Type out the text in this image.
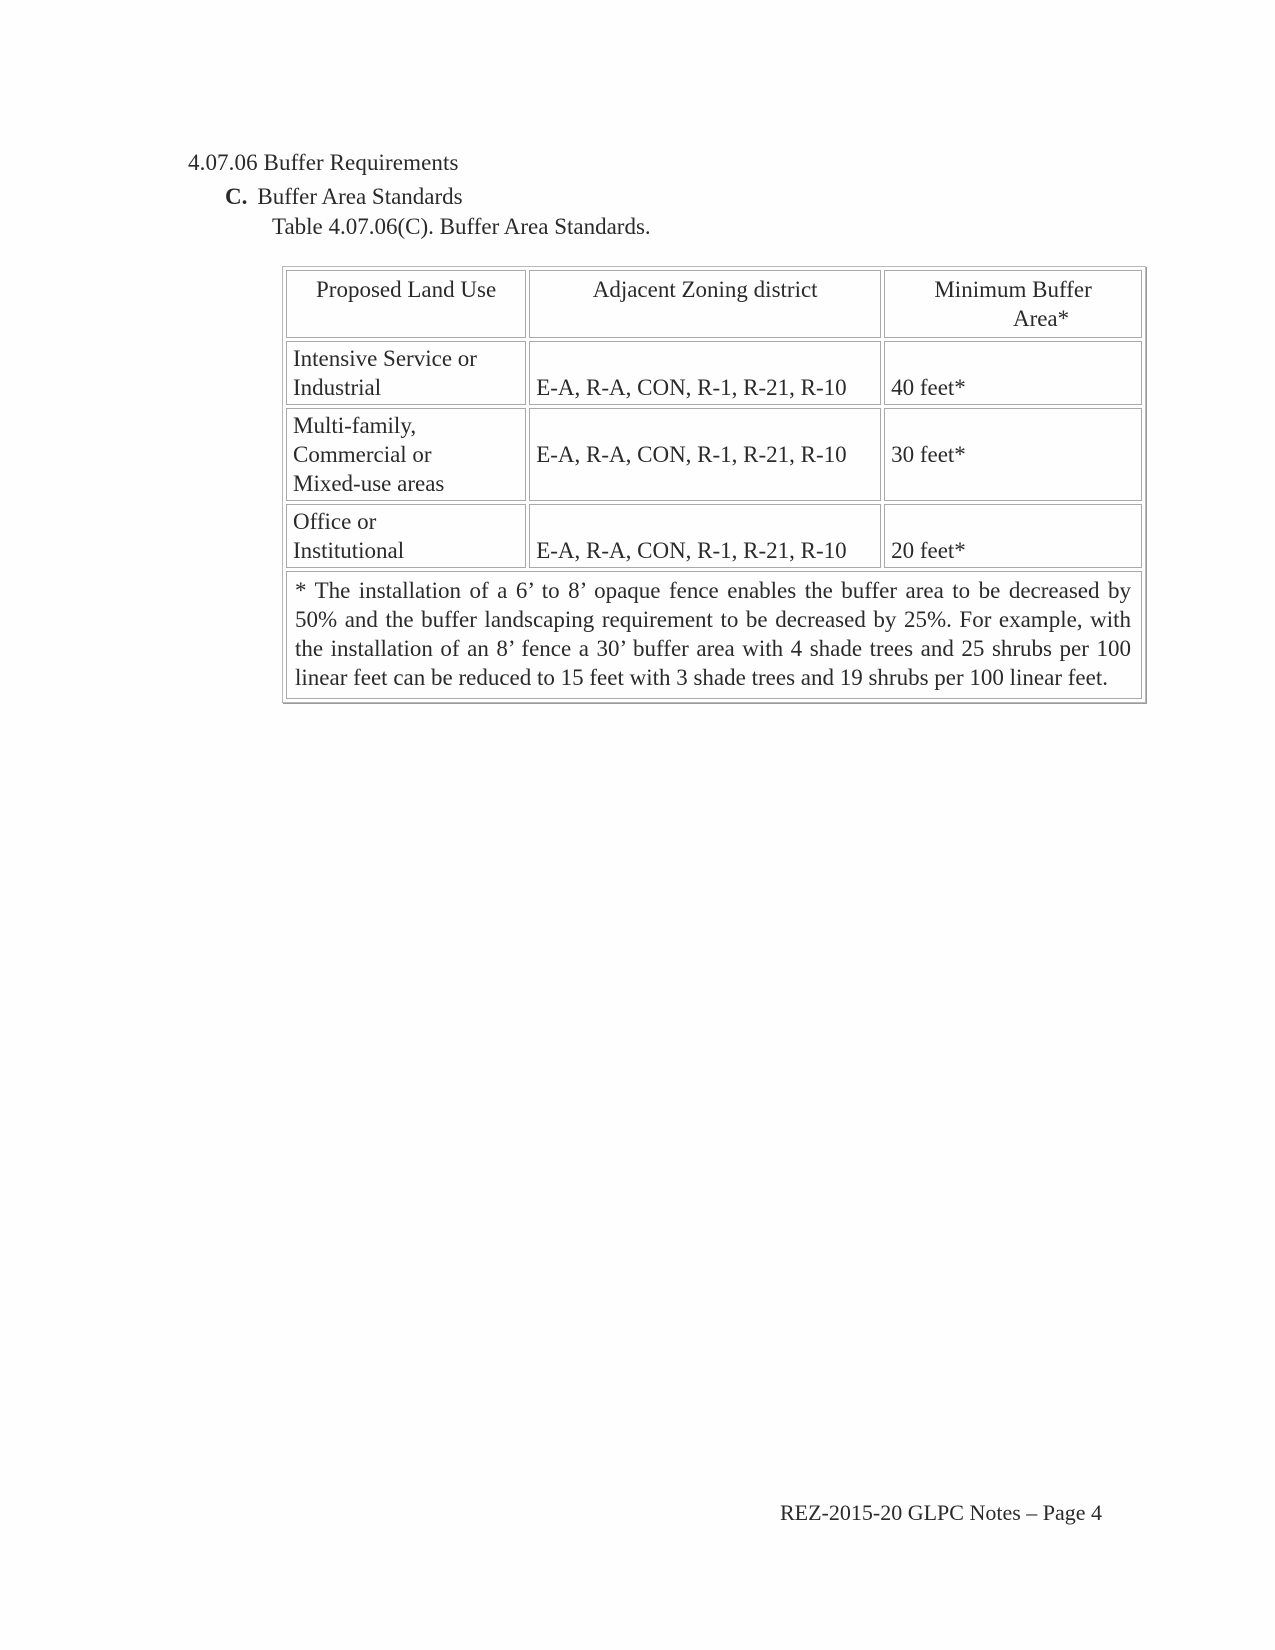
4.07.06 Buffer Requirements
C. Buffer Area Standards
Table 4.07.06(C). Buffer Area Standards.
Proposed Land Use	Adjacent Zoning district	Minimum Buffer
Area*

Intensive Service or
Industrial	E-A, R-A, CON, R-1, R-21, R-10	40 feet*

Multi-family,
Commercial or
Mixed-use areas	E-A, R-A, CON, R-1, R-21, R-10	30 feet*

Office or
Institutional	E-A, R-A, CON, R-1, R-21, R-10	20 feet*
* The installation of a 6’ to 8’ opaque fence enables the buffer area to be decreased by 50% and the buffer landscaping requirement to be decreased by 25%. For example, with the installation of an 8’ fence a 30’ buffer area with 4 shade trees and 25 shrubs per 100 linear feet can be reduced to 15 feet with 3 shade trees and 19 shrubs per 100 linear feet.		
REZ-2015-20 GLPC Notes – Page 4
